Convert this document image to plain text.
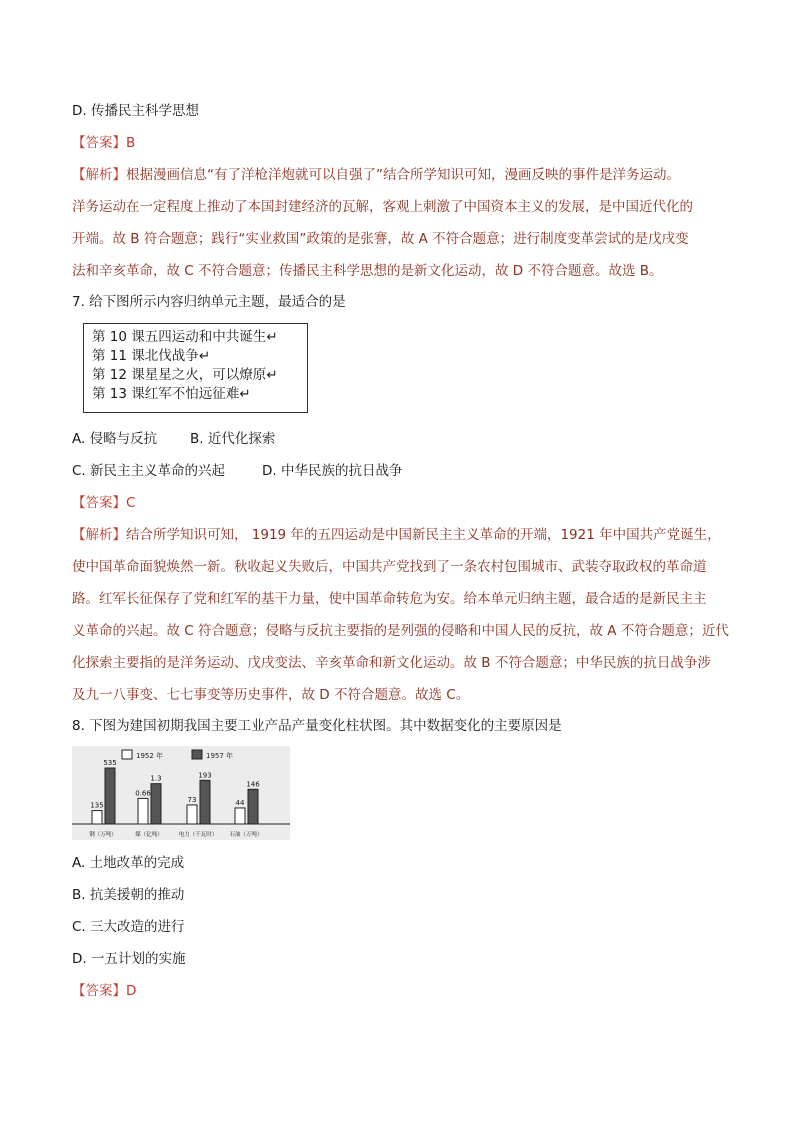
D. 传播民主科学思想
【答案】B
【解析】根据漫画信息“有了洋枪洋炮就可以自强了”结合所学知识可知，漫画反映的事件是洋务运动。
洋务运动在一定程度上推动了本国封建经济的瓦解，客观上刺激了中国资本主义的发展，是中国近代化的
开端。故 B 符合题意；践行“实业救国”政策的是张謇，故 A 不符合题意；进行制度变革尝试的是戊戌变
法和辛亥革命，故 C 不符合题意；传播民主科学思想的是新文化运动，故 D 不符合题意。故选 B。
7. 给下图所示内容归纳单元主题，最适合的是
第 10 课五四运动和中共诞生↵
第 11 课北伐战争↵
第 12 课星星之火，可以燎原↵
第 13 课红军不怕远征难↵
A. 侵略与反抗 B. 近代化探索
C. 新民主主义革命的兴起	D. 中华民族的抗日战争
【答案】C
【解析】结合所学知识可知， 1919 年的五四运动是中国新民主主义革命的开端，1921 年中国共产党诞生，
使中国革命面貌焕然一新。秋收起义失败后，中国共产党找到了一条农村包围城市、武装夺取政权的革命道
路。红军长征保存了党和红军的基干力量，使中国革命转危为安。给本单元归纳主题，最合适的是新民主主
义革命的兴起。故 C 符合题意；侵略与反抗主要指的是列强的侵略和中国人民的反抗，故 A 不符合题意；近代
化探索主要指的是洋务运动、戊戌变法、辛亥革命和新文化运动。故 B 不符合题意；中华民族的抗日战争涉
及九一八事变、七七事变等历史事件，故 D 不符合题意。故选 C。
8. 下图为建国初期我国主要工业产品产量变化柱状图。其中数据变化的主要原因是
1952 年	1957 年
135
535
钢（万吨）
0.66
1.3
煤（亿吨）
73
193
电力（千瓦时）
44
146
石油（万吨）
A. 土地改革的完成
B. 抗美援朝的推动
C. 三大改造的进行
D. 一五计划的实施
【答案】D
